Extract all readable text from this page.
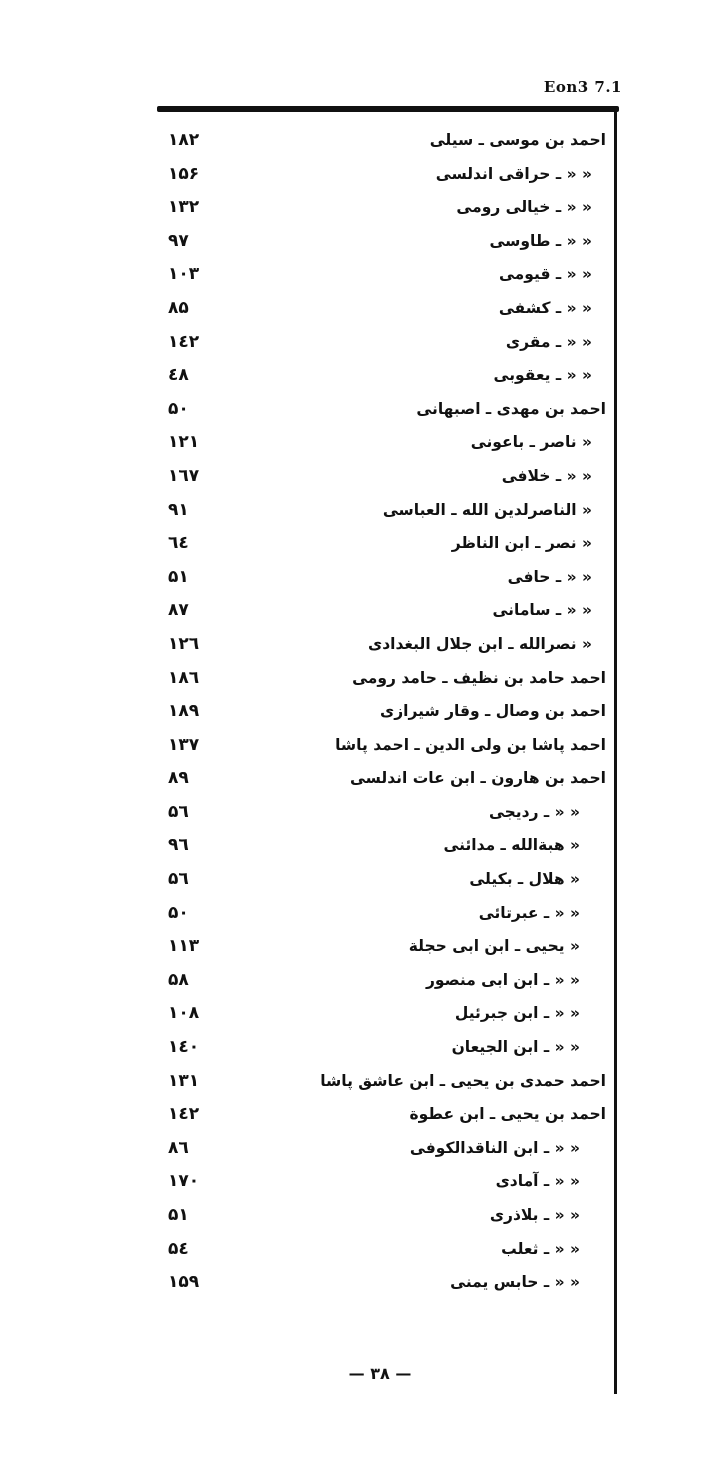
Eon3 7.1
۱۸۲	احمد بن موسى ـ سیلی
۱۵۶	« « ـ حراقی اندلسی
۱۳۲	« « ـ خیالی رومی
۹۷	« « ـ طاوسی
۱۰۳	« « ـ قیومی
۸۵	« « ـ کشفی
۱٤۲	« « ـ مقری
٤۸	« « ـ یعقوبی
۵۰	احمد بن مهدی ـ اصبهانی
۱۲۱	« ناصر ـ باعونی
۱٦۷	« « ـ خلافی
۹۱	« الناصرلدین الله ـ العباسی
٦٤	« نصر ـ ابن الناظر
۵۱	« « ـ حافی
۸۷	« « ـ سامانی
۱۲٦	« نصرالله ـ ابن جلال البغدادی
۱۸٦	احمد حامد بن نظیف ـ حامد رومی
۱۸۹	احمد بن وصال ـ وقار شیرازی
۱۳۷	احمد پاشا بن ولی الدین ـ احمد پاشا
۸۹	احمد بن هارون ـ ابن عات اندلسی
۵٦	« « ـ ردیجی
۹٦	« هبةالله ـ مدائنی
۵٦	« هلال ـ بکیلی
۵۰	« « ـ عبرتائی
۱۱۳	« یحیی ـ ابن ابی حجلة
۵۸	« « ـ ابن ابی منصور
۱۰۸	« « ـ ابن جبرئیل
۱٤۰	« « ـ ابن الجیعان
۱۳۱	احمد حمدی بن یحیی ـ ابن عاشق پاشا
۱٤۲	احمد بن یحیی ـ ابن عطوة
۸٦	« « ـ ابن الناقدالکوفی
۱۷۰	« « ـ آمادی
۵۱	« « ـ بلاذری
۵٤	« « ـ ثعلب
۱۵۹	« « ـ حابس یمنی
— ۳۸ —
